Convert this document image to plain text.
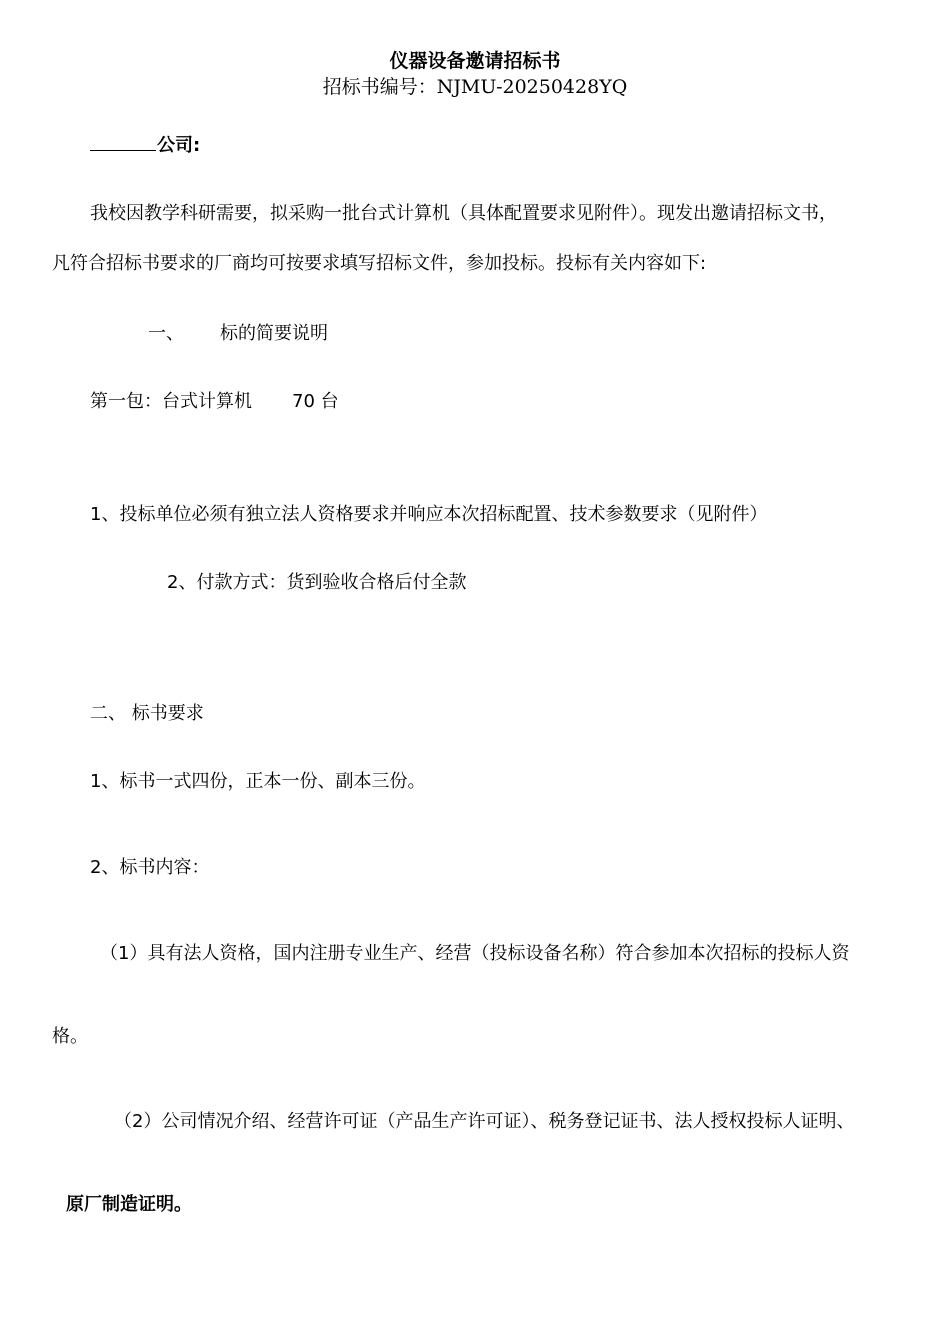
仪器设备邀请招标书
招标书编号：NJMU-20250428YQ
公司:
我校因教学科研需要，拟采购一批台式计算机（具体配置要求见附件）。现发出邀请招标文书，
凡符合招标书要求的厂商均可按要求填写招标文件，参加投标。投标有关内容如下:
一、 标的简要说明
第一包：台式计算机 70 台
1、投标单位必须有独立法人资格要求并响应本次招标配置、技术参数要求（见附件）
2、付款方式：货到验收合格后付全款
二、 标书要求
1、标书一式四份，正本一份、副本三份。
2、标书内容：
（1）具有法人资格，国内注册专业生产、经营（投标设备名称）符合参加本次招标的投标人资
格。
（2）公司情况介绍、经营许可证（产品生产许可证）、税务登记证书、法人授权投标人证明、
原厂制造证明。
